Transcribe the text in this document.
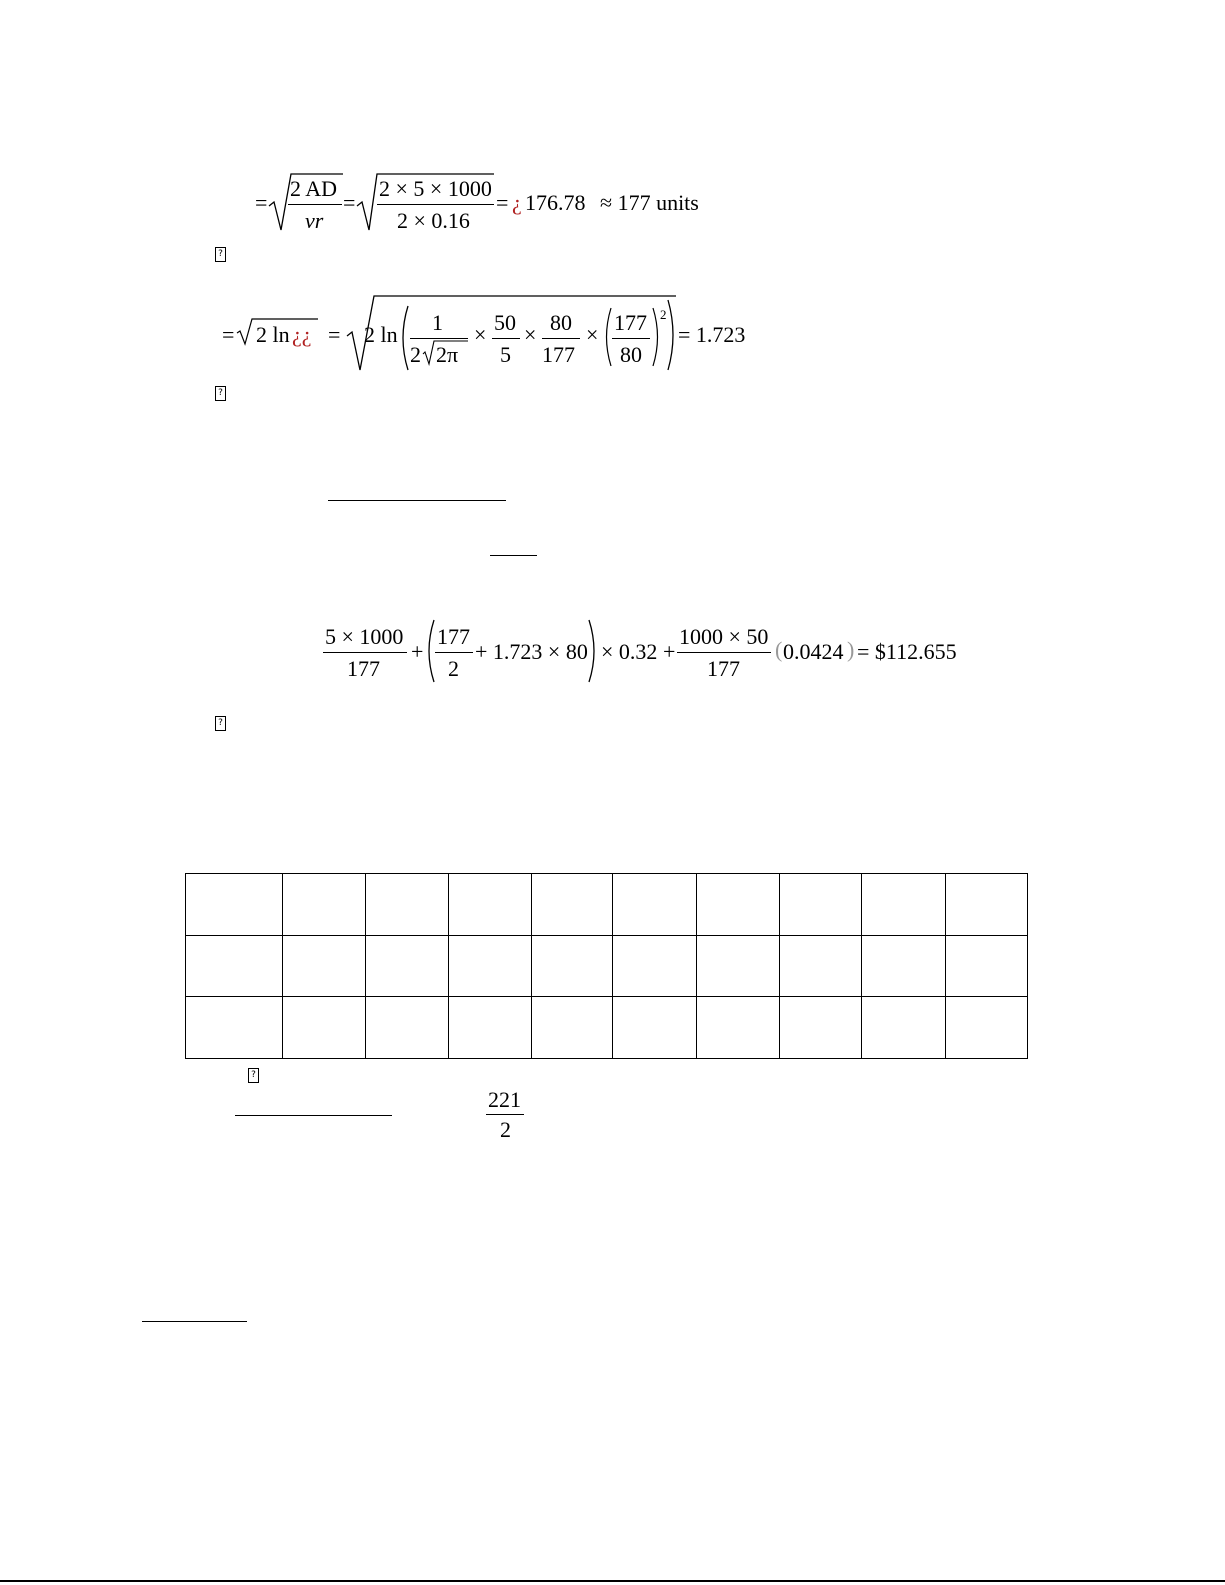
=
2 AD
vr
=
2 × 5 × 1000
2 × 0.16
= ¿ 176.78 ≈ 177 units
?
= 2 ln ¿¿ = 2 ln 1
2 2π
× 50
5
× 80
177
× 177
80
2
= 1.723
?
5 × 1000
177
+
177
2
+ 1.723 × 80 × 0.32 +
1000 × 50
177
( 0.0424 ) = $112.655
?

?
221
2
